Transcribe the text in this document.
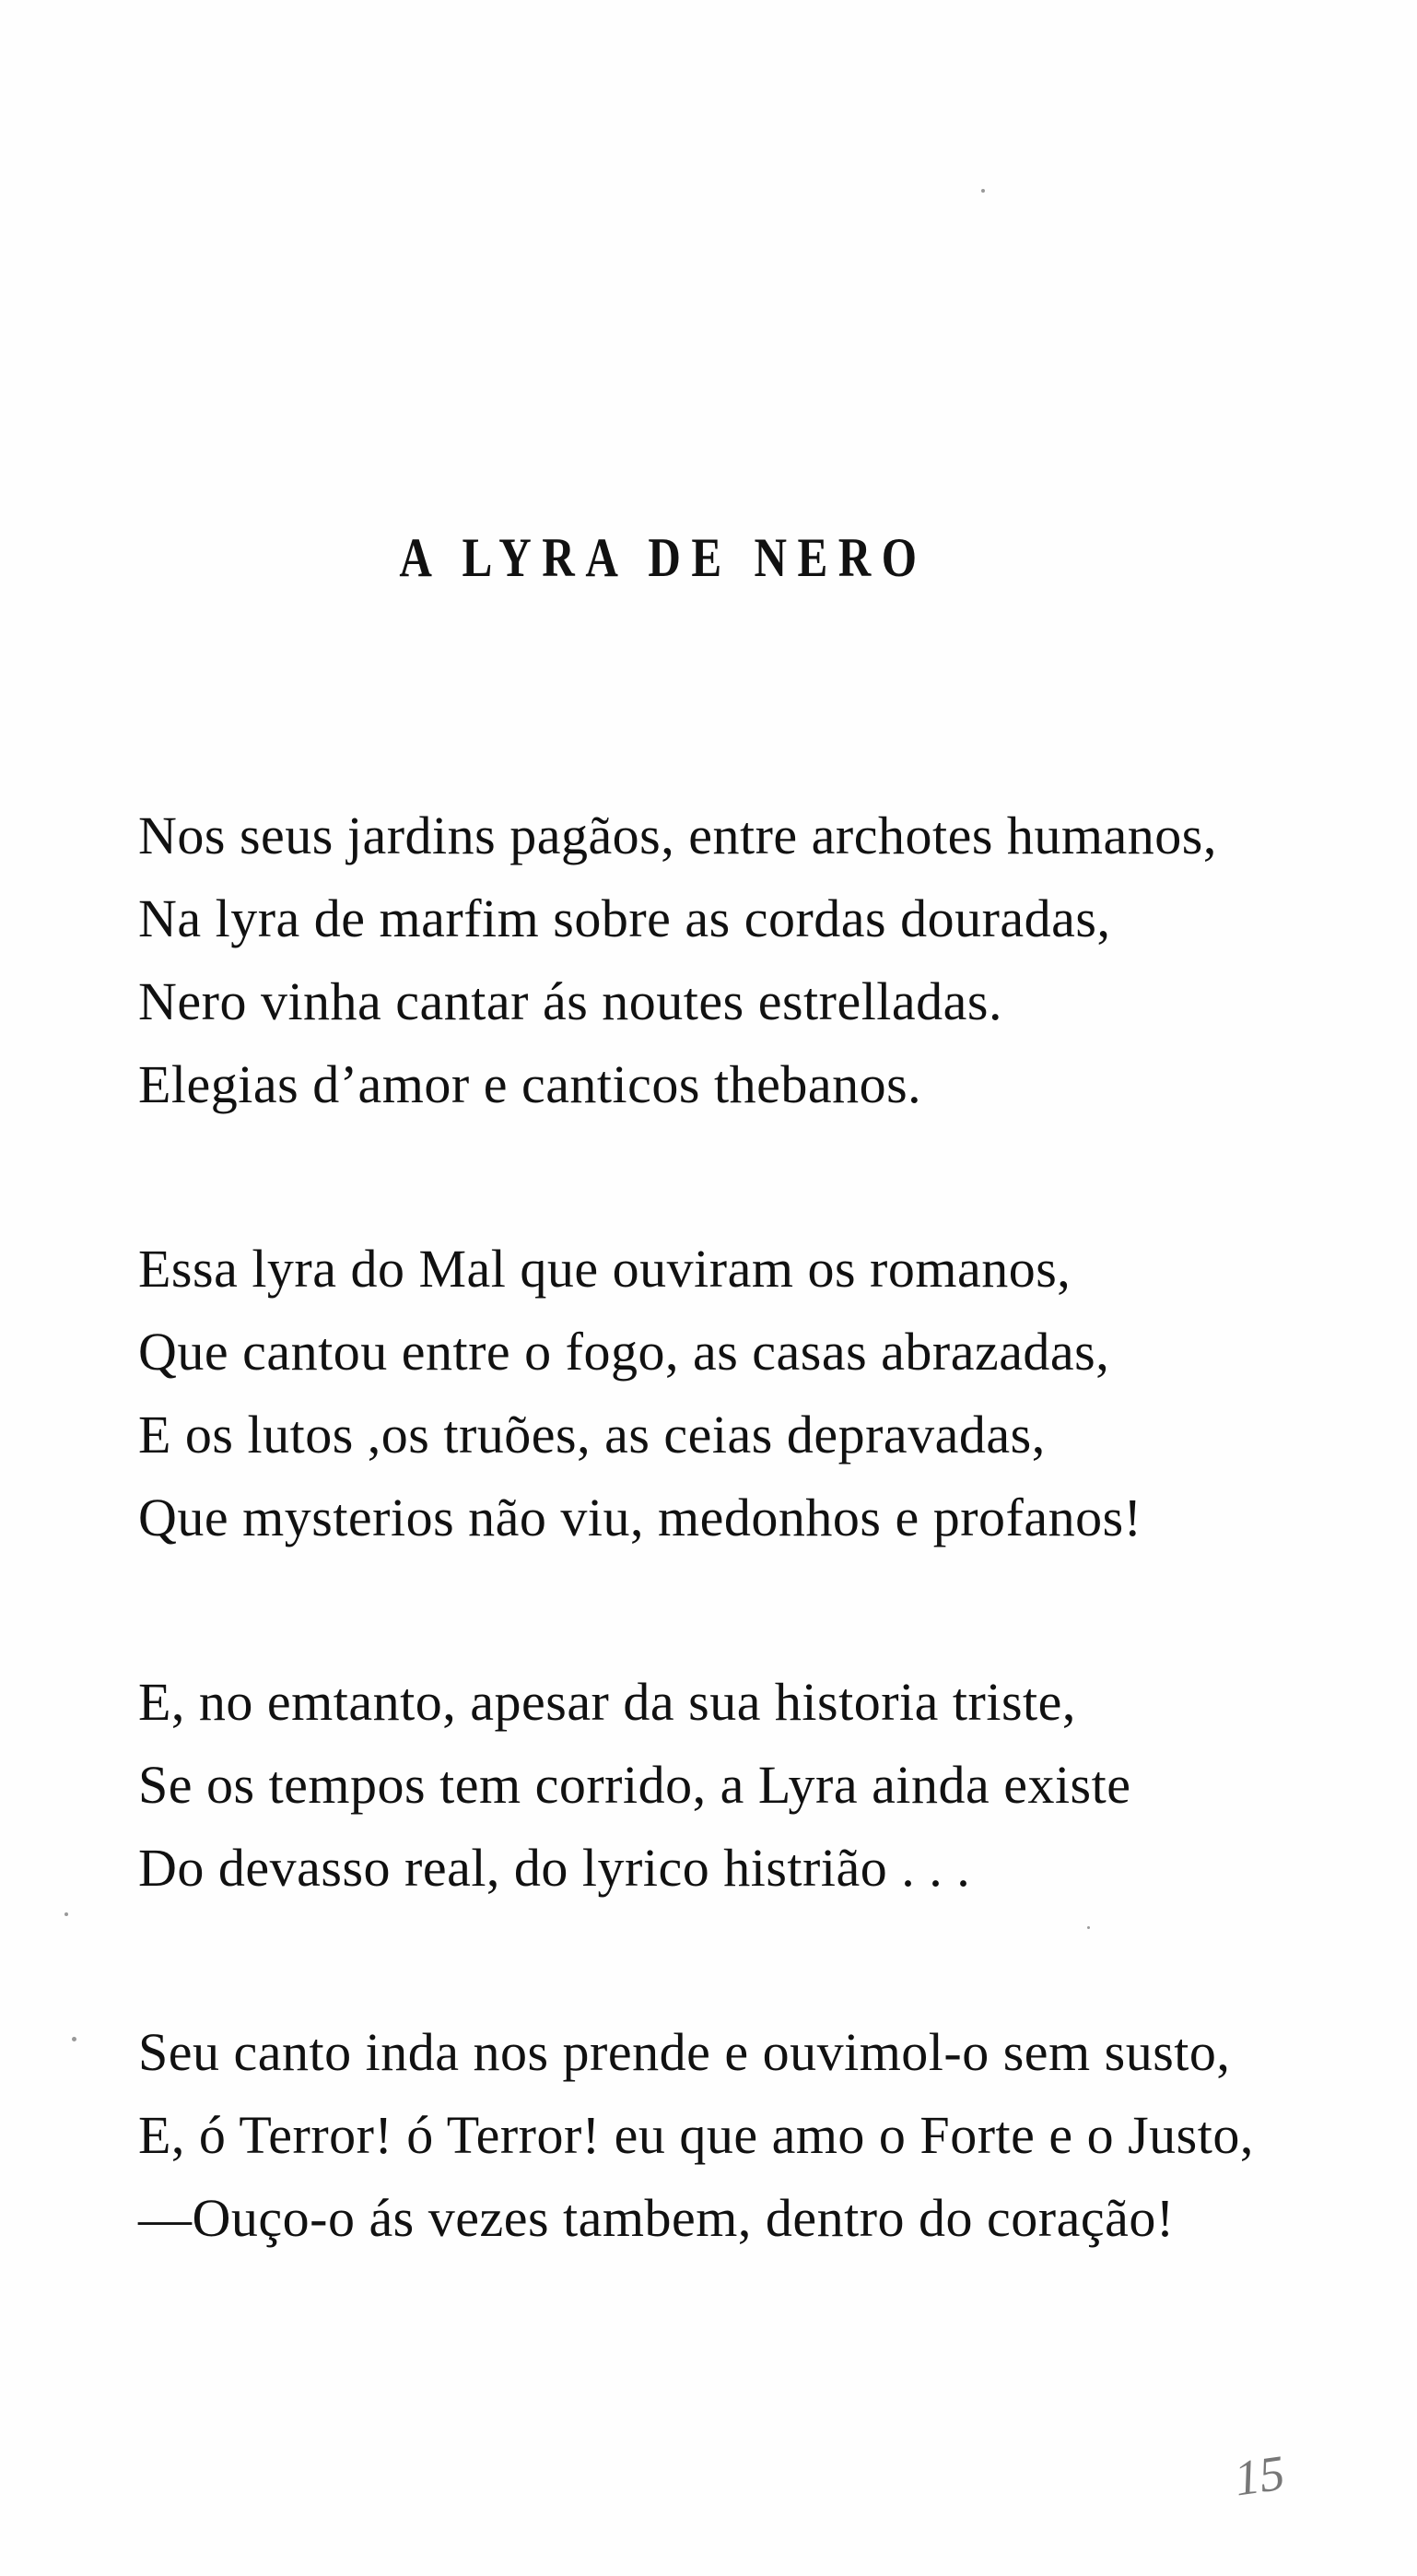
A LYRA DE NERO
Nos seus jardins pagãos, entre archotes humanos,
Na lyra de marfim sobre as cordas douradas,
Nero vinha cantar ás noutes estrelladas.
Elegias d’amor e canticos thebanos.
Essa lyra do Mal que ouviram os romanos,
Que cantou entre o fogo, as casas abrazadas,
E os lutos ,os truões, as ceias depravadas,
Que mysterios não viu, medonhos e profanos!
E, no emtanto, apesar da sua historia triste,
Se os tempos tem corrido, a Lyra ainda existe
Do devasso real, do lyrico histrião . . .
Seu canto inda nos prende e ouvimol-o sem susto,
E, ó Terror! ó Terror! eu que amo o Forte e o Justo,
—Ouço-o ás vezes tambem, dentro do coração!
15
